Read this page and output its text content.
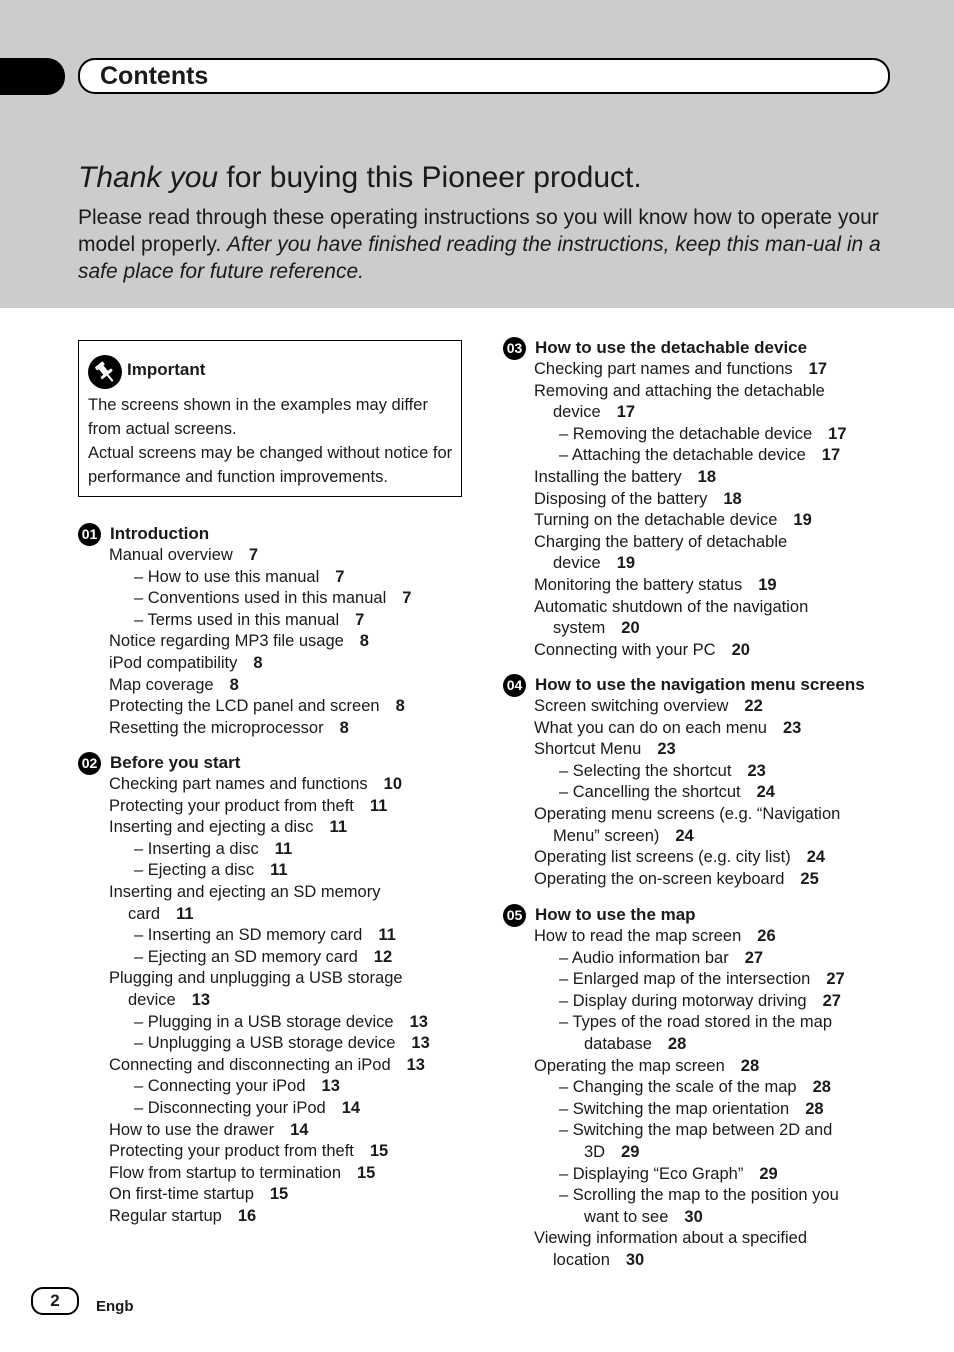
Contents
Thank you for buying this Pioneer product.
Please read through these operating instructions so you will know how to operate your model properly. After you have finished reading the instructions, keep this man-ual in a safe place for future reference.
Important

The screens shown in the examples may differ from actual screens.

Actual screens may be changed without notice for performance and function improvements.

01 Introduction
Manual overview 7
– How to use this manual 7
– Conventions used in this manual 7
– Terms used in this manual 7
Notice regarding MP3 file usage 8
iPod compatibility 8
Map coverage 8
Protecting the LCD panel and screen 8
Resetting the microprocessor 8
02 Before you start
Checking part names and functions 10
Protecting your product from theft 11
Inserting and ejecting a disc 11
– Inserting a disc 11
– Ejecting a disc 11
Inserting and ejecting an SD memory
card 11
– Inserting an SD memory card 11
– Ejecting an SD memory card 12
Plugging and unplugging a USB storage
device 13
– Plugging in a USB storage device 13
– Unplugging a USB storage device 13
Connecting and disconnecting an iPod 13
– Connecting your iPod 13
– Disconnecting your iPod 14
How to use the drawer 14
Protecting your product from theft 15
Flow from startup to termination 15
On first-time startup 15
Regular startup 16
03 How to use the detachable device
Checking part names and functions 17
Removing and attaching the detachable
device 17
– Removing the detachable device 17
– Attaching the detachable device 17
Installing the battery 18
Disposing of the battery 18
Turning on the detachable device 19
Charging the battery of detachable
device 19
Monitoring the battery status 19
Automatic shutdown of the navigation
system 20
Connecting with your PC 20
04 How to use the navigation menu screens
Screen switching overview 22
What you can do on each menu 23
Shortcut Menu 23
– Selecting the shortcut 23
– Cancelling the shortcut 24
Operating menu screens (e.g. “Navigation
Menu” screen) 24
Operating list screens (e.g. city list) 24
Operating the on-screen keyboard 25
05 How to use the map
How to read the map screen 26
– Audio information bar 27
– Enlarged map of the intersection 27
– Display during motorway driving 27
– Types of the road stored in the map
database 28
Operating the map screen 28
– Changing the scale of the map 28
– Switching the map orientation 28
– Switching the map between 2D and
3D 29
– Displaying “Eco Graph” 29
– Scrolling the map to the position you
want to see 30
Viewing information about a specified
location 30
2	Engb
